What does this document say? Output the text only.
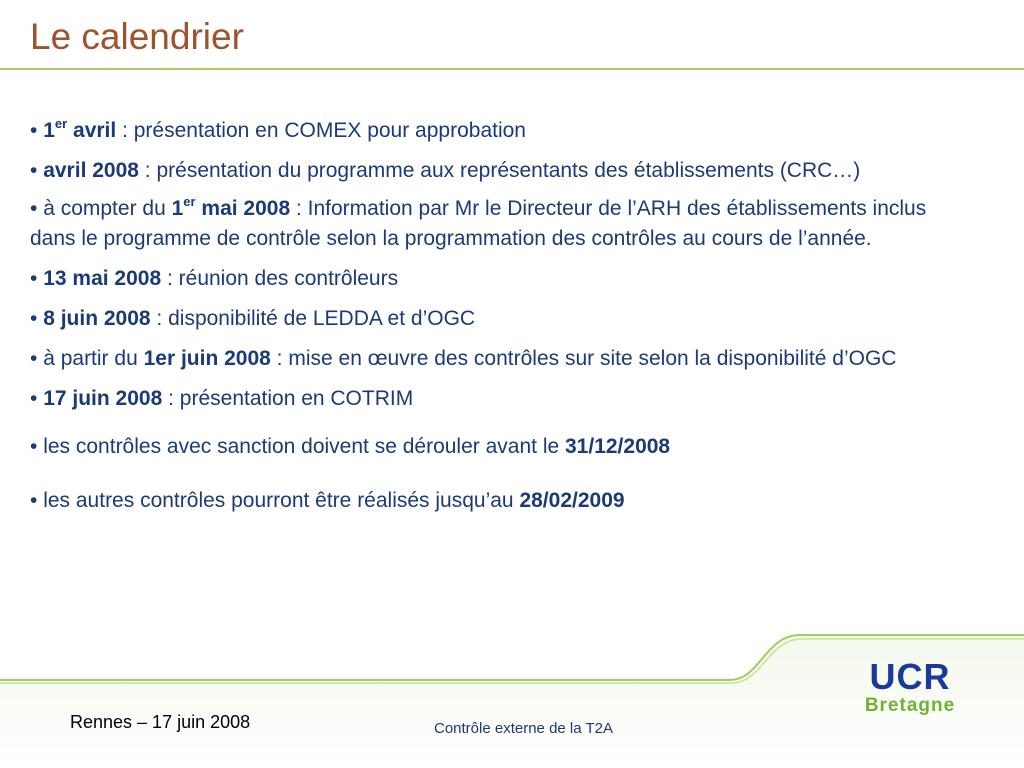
Le calendrier

• 1er avril : présentation en COMEX pour approbation

• avril 2008 : présentation du programme aux représentants des établissements (CRC…)

• à compter du 1er mai 2008 : Information par Mr le Directeur de l’ARH des établissements inclus dans le programme de contrôle selon la programmation des contrôles au cours de l’année.

• 13 mai 2008 : réunion des contrôleurs

• 8 juin 2008 : disponibilité de LEDDA et d’OGC

• à partir du 1er juin 2008 : mise en œuvre des contrôles sur site selon la disponibilité d’OGC

• 17 juin 2008 : présentation en COTRIM

• les contrôles avec sanction doivent se dérouler avant le 31/12/2008

• les autres contrôles pourront être réalisés jusqu’au 28/02/2009

Rennes – 17 juin 2008	Contrôle externe de la T2A
UCR
Bretagne
